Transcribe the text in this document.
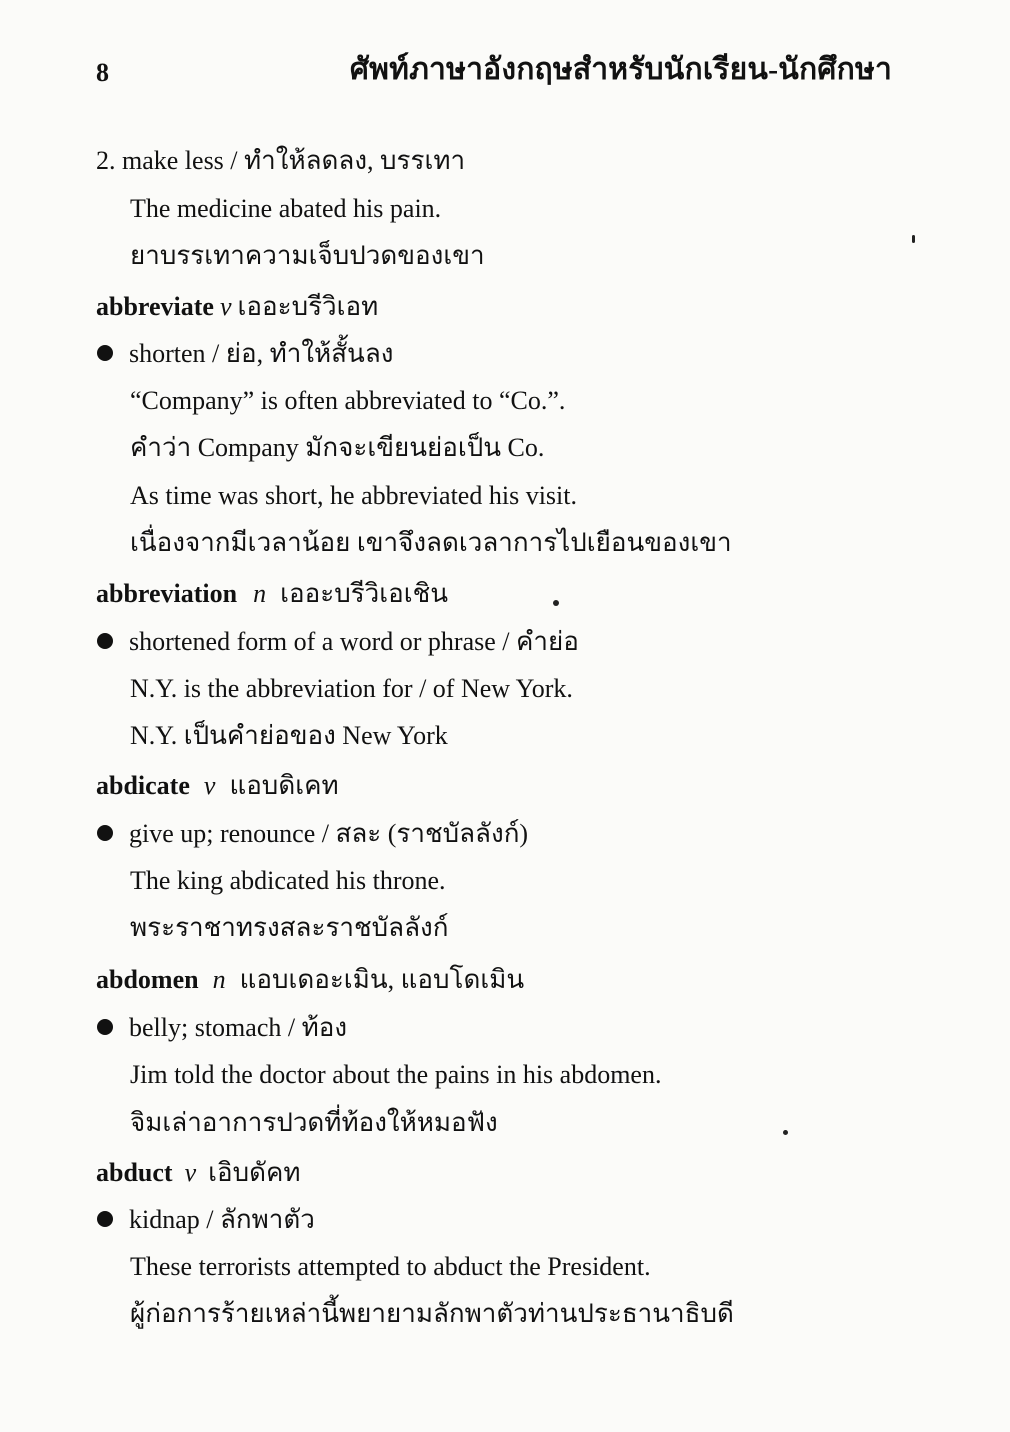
8	ศัพท์ภาษาอังกฤษสำหรับนักเรียน-นักศึกษา
2. make less / ทำให้ลดลง, บรรเทา
The medicine abated his pain.
ยาบรรเทาความเจ็บปวดของเขา
abbreviate v เออะบรีวิเอท
shorten / ย่อ, ทำให้สั้นลง
“Company” is often abbreviated to “Co.”.
คำว่า Company มักจะเขียนย่อเป็น Co.
As time was short, he abbreviated his visit.
เนื่องจากมีเวลาน้อย เขาจึงลดเวลาการไปเยือนของเขา
abbreviation n เออะบรีวิเอเชิน
shortened form of a word or phrase / คำย่อ
N.Y. is the abbreviation for / of New York.
N.Y. เป็นคำย่อของ New York
abdicate v แอบดิเคท
give up; renounce / สละ (ราชบัลลังก์)
The king abdicated his throne.
พระราชาทรงสละราชบัลลังก์
abdomen n แอบเดอะเมิน, แอบโดเมิน
belly; stomach / ท้อง
Jim told the doctor about the pains in his abdomen.
จิมเล่าอาการปวดที่ท้องให้หมอฟัง
abduct v เอิบดัคท
kidnap / ลักพาตัว
These terrorists attempted to abduct the President.
ผู้ก่อการร้ายเหล่านี้พยายามลักพาตัวท่านประธานาธิบดี
